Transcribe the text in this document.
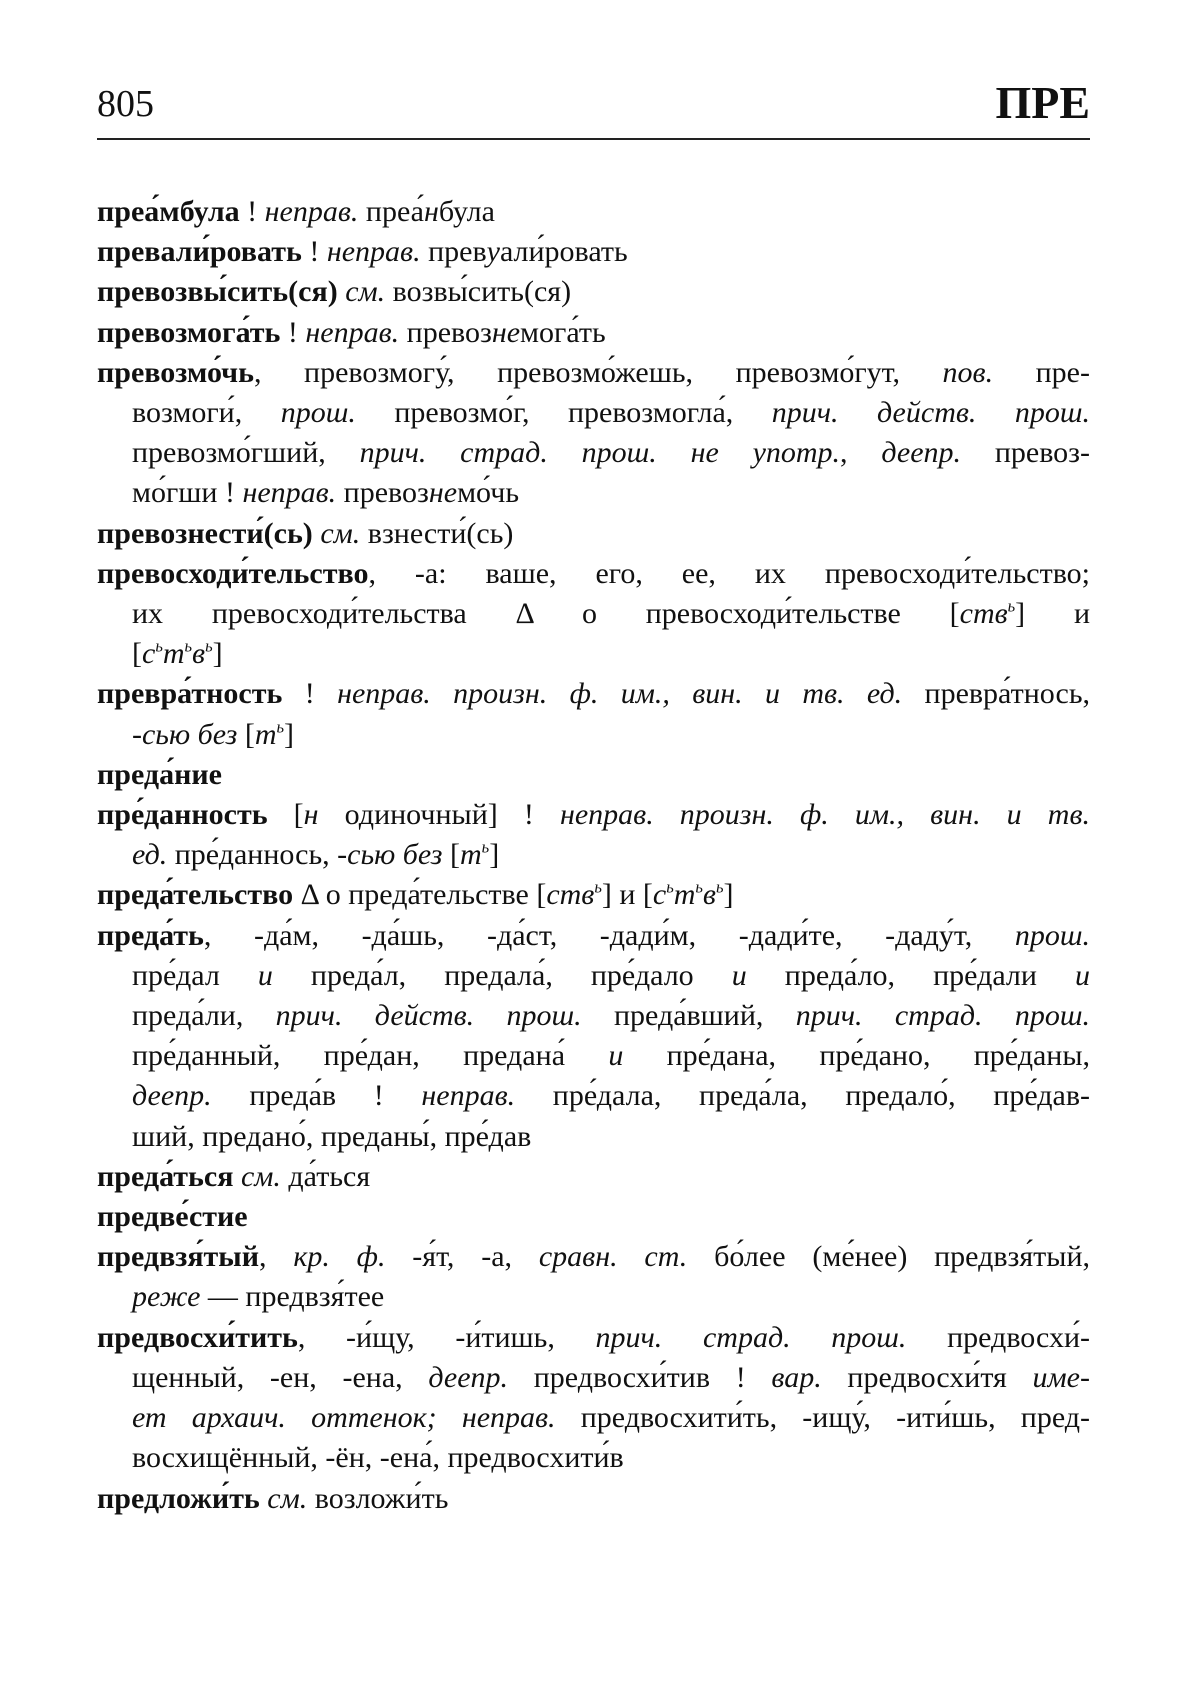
805	ПРЕ
преа́мбула ! неправ. преа́нбула
превали́ровать ! неправ. превуали́ровать
превозвы́сить(ся) см. возвы́сить(ся)
превозмога́ть ! неправ. превознемога́ть
превозмо́чь, превозмогу́, превозмо́жешь, превозмо́гут, пов. пре-
возмоги́, прош. превозмо́г, превозмогла́, прич. действ. прош.
превозмо́гший, прич. страд. прош. не употр., деепр. превоз-
мо́гши ! неправ. превознемо́чь
превознести́(сь) см. взнести́(сь)
превосходи́тельство, -а: ваше, его, ее, их превосходи́тельство;
их превосходи́тельства Δ о превосходи́тельстве [ств$^ь$] и
$[с^ьт^ьв^ь]$
превра́тность ! неправ. произн. ф. им., вин. и тв. ед. превра́тнось,
-сью без $[т^ь]$
преда́ние
пре́данность [н одиночный] ! неправ. произн. ф. им., вин. и тв.
ед. пре́даннось, -сью без $[т^ь]$
преда́тельство Δ о преда́тельстве [ств$^ь$] и $[с^ьт^ьв^ь]$
преда́ть, -да́м, -да́шь, -да́ст, -дади́м, -дади́те, -даду́т, прош.
пре́дал и преда́л, предала́, пре́дало и преда́ло, пре́дали и
преда́ли, прич. действ. прош. преда́вший, прич. страд. прош.
пре́данный, пре́дан, предана́ и пре́дана, пре́дано, пре́даны,
деепр. преда́в ! неправ. пре́дала, преда́ла, предало́, пре́дав-
ший, предано́, преданы́, пре́дав
преда́ться см. да́ться
предве́стие
предвзя́тый, кр. ф. -я́т, -а, сравн. ст. бо́лее (ме́нее) предвзя́тый,
реже — предвзя́тее
предвосхи́тить, -и́щу, -и́тишь, прич. страд. прош. предвосхи́-
щенный, -ен, -ена, деепр. предвосхи́тив ! вар. предвосхи́тя име-
ет архаич. оттенок; неправ. предвосхити́ть, -ищу́, -ити́шь, пред-
восхищённый, -ён, -ена́, предвосхити́в
предложи́ть см. возложи́ть
